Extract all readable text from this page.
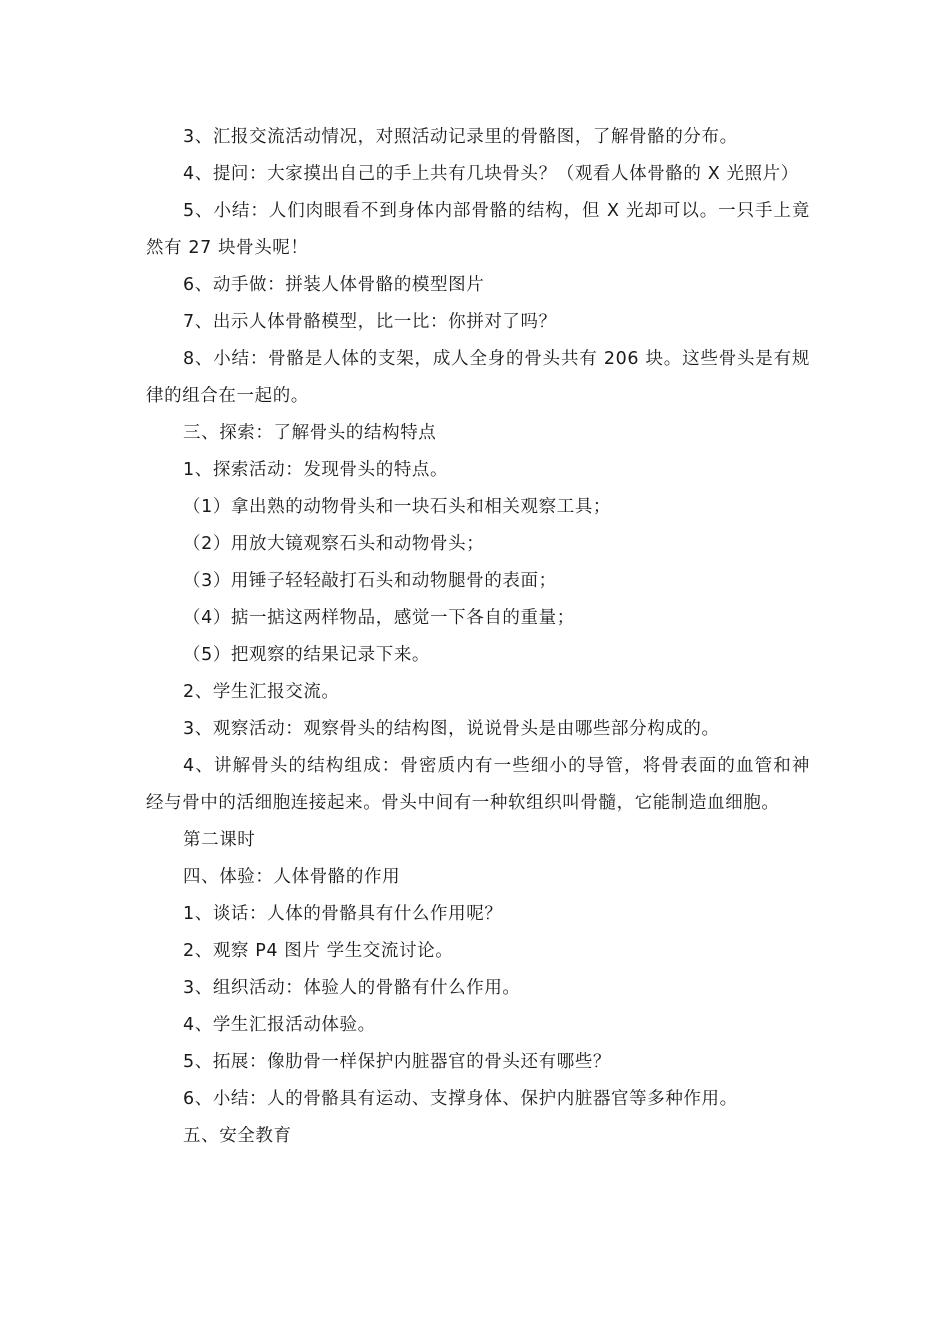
3、汇报交流活动情况，对照活动记录里的骨骼图，了解骨骼的分布。

4、提问：大家摸出自己的手上共有几块骨头？（观看人体骨骼的 X 光照片）

5、小结：人们肉眼看不到身体内部骨骼的结构，但 X 光却可以。一只手上竟然有 27 块骨头呢！

6、动手做：拼装人体骨骼的模型图片

7、出示人体骨骼模型，比一比：你拼对了吗？

8、小结：骨骼是人体的支架，成人全身的骨头共有 206 块。这些骨头是有规律的组合在一起的。

三、探索：了解骨头的结构特点

1、探索活动：发现骨头的特点。

（1）拿出熟的动物骨头和一块石头和相关观察工具；

（2）用放大镜观察石头和动物骨头；

（3）用锤子轻轻敲打石头和动物腿骨的表面；

（4）掂一掂这两样物品，感觉一下各自的重量；

（5）把观察的结果记录下来。

2、学生汇报交流。

3、观察活动：观察骨头的结构图，说说骨头是由哪些部分构成的。

4、讲解骨头的结构组成：骨密质内有一些细小的导管，将骨表面的血管和神经与骨中的活细胞连接起来。骨头中间有一种软组织叫骨髓，它能制造血细胞。

第二课时

四、体验：人体骨骼的作用

1、谈话：人体的骨骼具有什么作用呢？

2、观察 P4 图片 学生交流讨论。

3、组织活动：体验人的骨骼有什么作用。

4、学生汇报活动体验。

5、拓展：像肋骨一样保护内脏器官的骨头还有哪些？

6、小结：人的骨骼具有运动、支撑身体、保护内脏器官等多种作用。

五、安全教育
